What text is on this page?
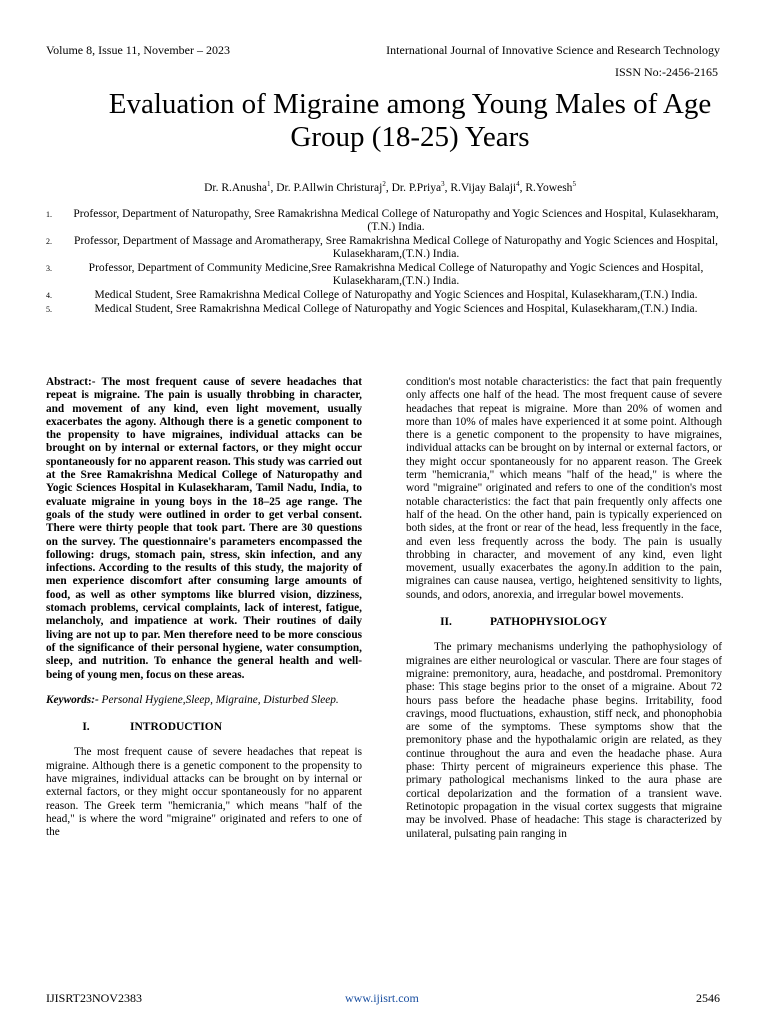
Volume 8, Issue 11, November – 2023	International Journal of Innovative Science and Research Technology
ISSN No:-2456-2165
Evaluation of Migraine among Young Males of Age Group (18-25) Years
Dr. R.Anusha$^1$, Dr. P.Allwin Christuraj$^2$, Dr. P.Priya$^3$, R.Vijay Balaji$^4$, R.Yowesh$^5$
1.	Professor, Department of Naturopathy, Sree Ramakrishna Medical College of Naturopathy and Yogic Sciences and Hospital, Kulasekharam,(T.N.) India.
2.	Professor, Department of Massage and Aromatherapy, Sree Ramakrishna Medical College of Naturopathy and Yogic Sciences and Hospital, Kulasekharam,(T.N.) India.
3.	Professor, Department of Community Medicine,Sree Ramakrishna Medical College of Naturopathy and Yogic Sciences and Hospital, Kulasekharam,(T.N.) India.
4.	Medical Student, Sree Ramakrishna Medical College of Naturopathy and Yogic Sciences and Hospital, Kulasekharam,(T.N.) India.
5.	Medical Student, Sree Ramakrishna Medical College of Naturopathy and Yogic Sciences and Hospital, Kulasekharam,(T.N.) India.

Abstract:- The most frequent cause of severe headaches that repeat is migraine. The pain is usually throbbing in character, and movement of any kind, even light movement, usually exacerbates the agony. Although there is a genetic component to the propensity to have migraines, individual attacks can be brought on by internal or external factors, or they might occur spontaneously for no apparent reason. This study was carried out at the Sree Ramakrishna Medical College of Naturopathy and Yogic Sciences Hospital in Kulasekharam, Tamil Nadu, India, to evaluate migraine in young boys in the 18–25 age range. The goals of the study were outlined in order to get verbal consent. There were thirty people that took part. There are 30 questions on the survey. The questionnaire's parameters encompassed the following: drugs, stomach pain, stress, skin infection, and any infections. According to the results of this study, the majority of men experience discomfort after consuming large amounts of food, as well as other symptoms like blurred vision, dizziness, stomach problems, cervical complaints, lack of interest, fatigue, melancholy, and impatience at work. Their routines of daily living are not up to par. Men therefore need to be more conscious of the significance of their personal hygiene, water consumption, sleep, and nutrition. To enhance the general health and well-being of young men, focus on these areas.

Keywords:- Personal Hygiene,Sleep, Migraine, Disturbed Sleep.

I.	INTRODUCTION

The most frequent cause of severe headaches that repeat is migraine. Although there is a genetic component to the propensity to have migraines, individual attacks can be brought on by internal or external factors, or they might occur spontaneously for no apparent reason. The Greek term "hemicrania," which means "half of the head," is where the word "migraine" originated and refers to one of the

condition's most notable characteristics: the fact that pain frequently only affects one half of the head. The most frequent cause of severe headaches that repeat is migraine. More than 20% of women and more than 10% of males have experienced it at some point. Although there is a genetic component to the propensity to have migraines, individual attacks can be brought on by internal or external factors, or they might occur spontaneously for no apparent reason. The Greek term "hemicrania," which means "half of the head," is where the word "migraine" originated and refers to one of the condition's most notable characteristics: the fact that pain frequently only affects one half of the head. On the other hand, pain is typically experienced on both sides, at the front or rear of the head, less frequently in the face, and even less frequently across the body. The pain is usually throbbing in character, and movement of any kind, even light movement, usually exacerbates the agony.In addition to the pain, migraines can cause nausea, vertigo, heightened sensitivity to lights, sounds, and odors, anorexia, and irregular bowel movements.

II.	PATHOPHYSIOLOGY

The primary mechanisms underlying the pathophysiology of migraines are either neurological or vascular. There are four stages of migraine: premonitory, aura, headache, and postdromal. Premonitory phase: This stage begins prior to the onset of a migraine. About 72 hours pass before the headache phase begins. Irritability, food cravings, mood fluctuations, exhaustion, stiff neck, and phonophobia are some of the symptoms. These symptoms show that the premonitory phase and the hypothalamic origin are related, as they continue throughout the aura and even the headache phase. Aura phase: Thirty percent of migraineurs experience this phase. The primary pathological mechanisms linked to the aura phase are cortical depolarization and the formation of a transient wave. Retinotopic propagation in the visual cortex suggests that migraine may be involved. Phase of headache: This stage is characterized by unilateral, pulsating pain ranging in

IJISRT23NOV2383	www.ijisrt.com	2546
